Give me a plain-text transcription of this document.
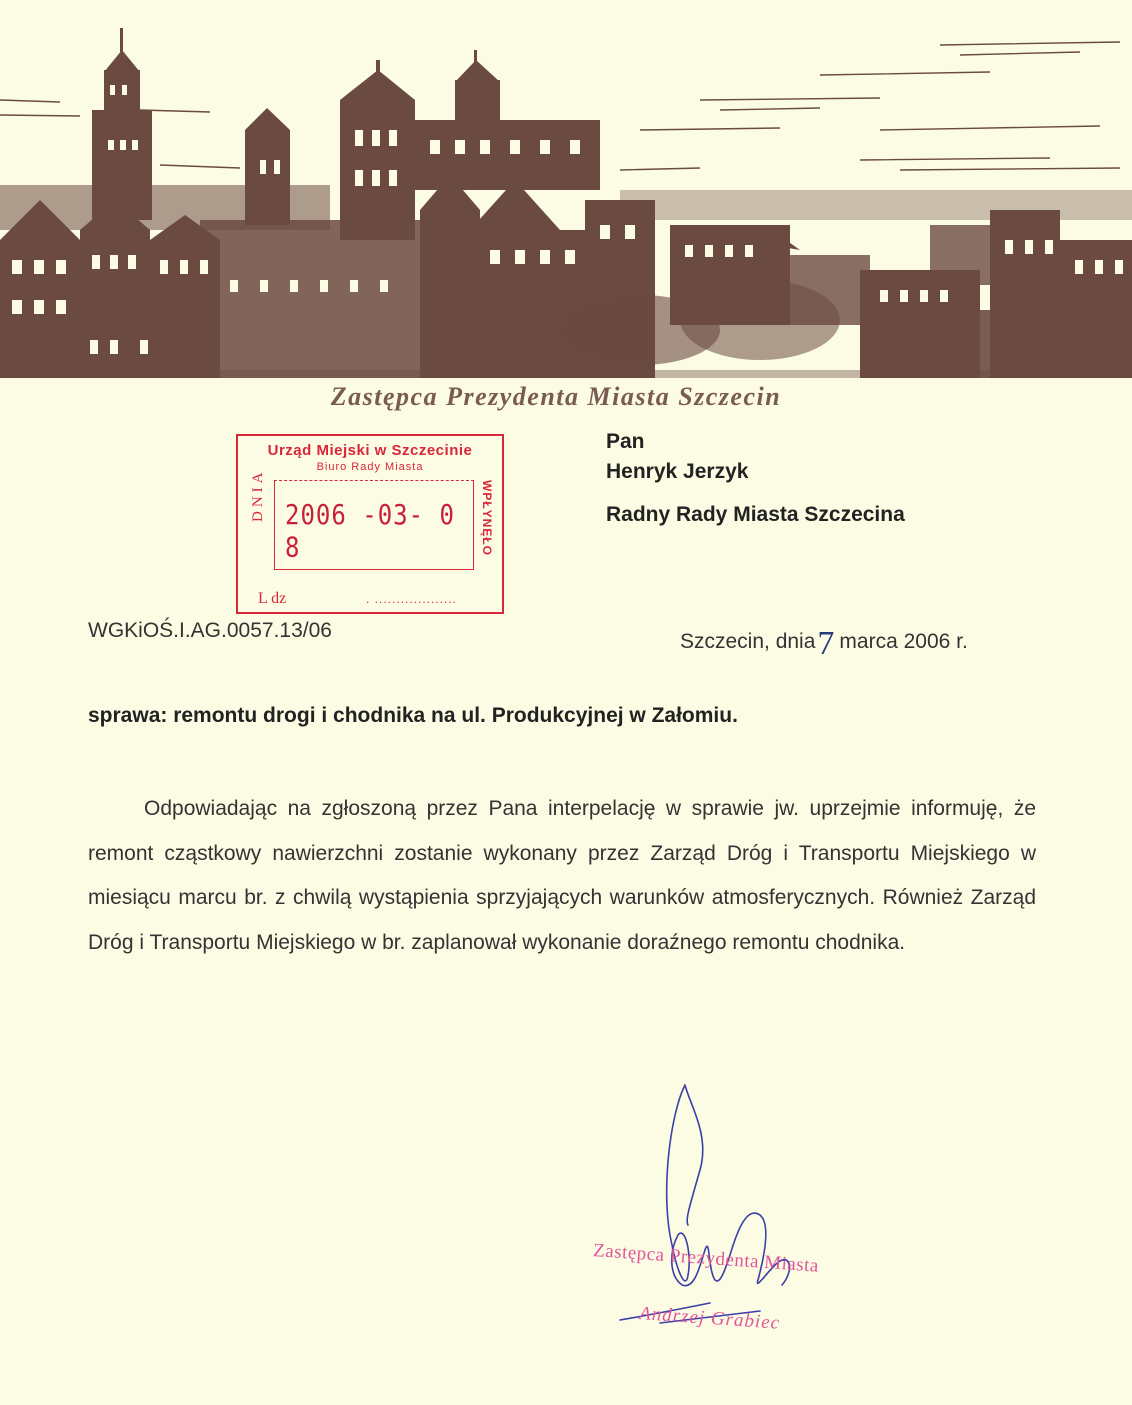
48-85
Zastępca Prezydenta Miasta Szczecin
Urząd Miejski w Szczecinie
Biuro Rady Miasta
2006 -03- 0 8
DNIA	WPŁYNĘŁO
L dz	. ...................
Pan
Henryk Jerzyk
Radny Rady Miasta Szczecina
WGKiOŚ.I.AG.0057.13/06	Szczecin, dnia7 marca 2006 r.
sprawa: remontu drogi i chodnika na ul. Produkcyjnej w Załomiu.
Odpowiadając na zgłoszoną przez Pana interpelację w sprawie jw. uprzejmie informuję, że remont cząstkowy nawierzchni zostanie wykonany przez Zarząd Dróg i Transportu Miejskiego w miesiącu marcu br. z chwilą wystąpienia sprzyjających warunków atmosferycznych. Również Zarząd Dróg i Transportu Miejskiego w br. zaplanował wykonanie doraźnego remontu chodnika.
Zastępca Prezydenta Miasta
Andrzej Grabiec
